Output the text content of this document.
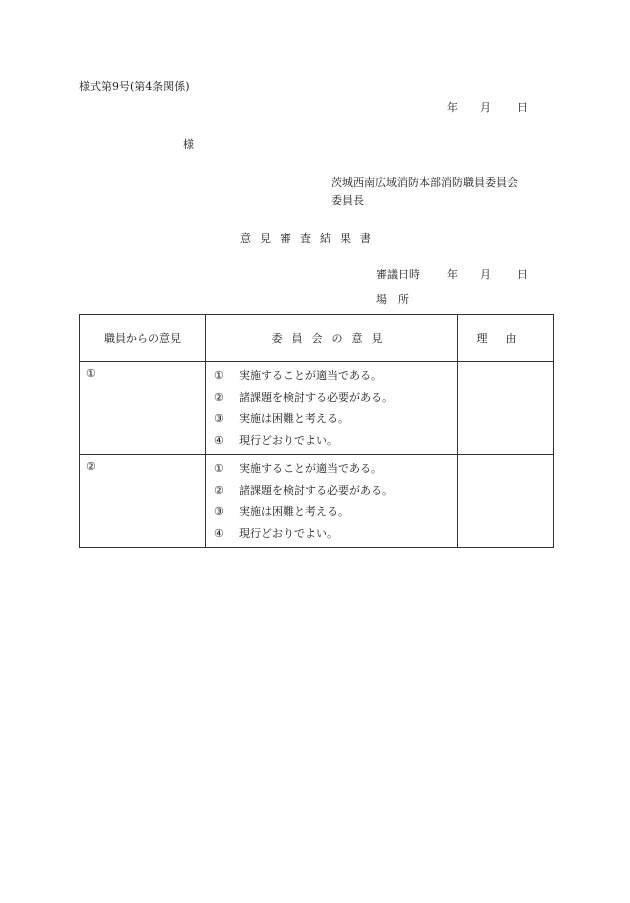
様式第9号(第4条関係)
年 月 日
様
茨城西南広域消防本部消防職員委員会
委員長
意見審査結果書
審議日時 年 月 日
場　所
職員からの意見	委員会の意見	理由
①	① 実施することが適当である。
② 諸課題を検討する必要がある。
③ 実施は困難と考える。
④ 現行どおりでよい。	

②	① 実施することが適当である。
② 諸課題を検討する必要がある。
③ 実施は困難と考える。
④ 現行どおりでよい。	
